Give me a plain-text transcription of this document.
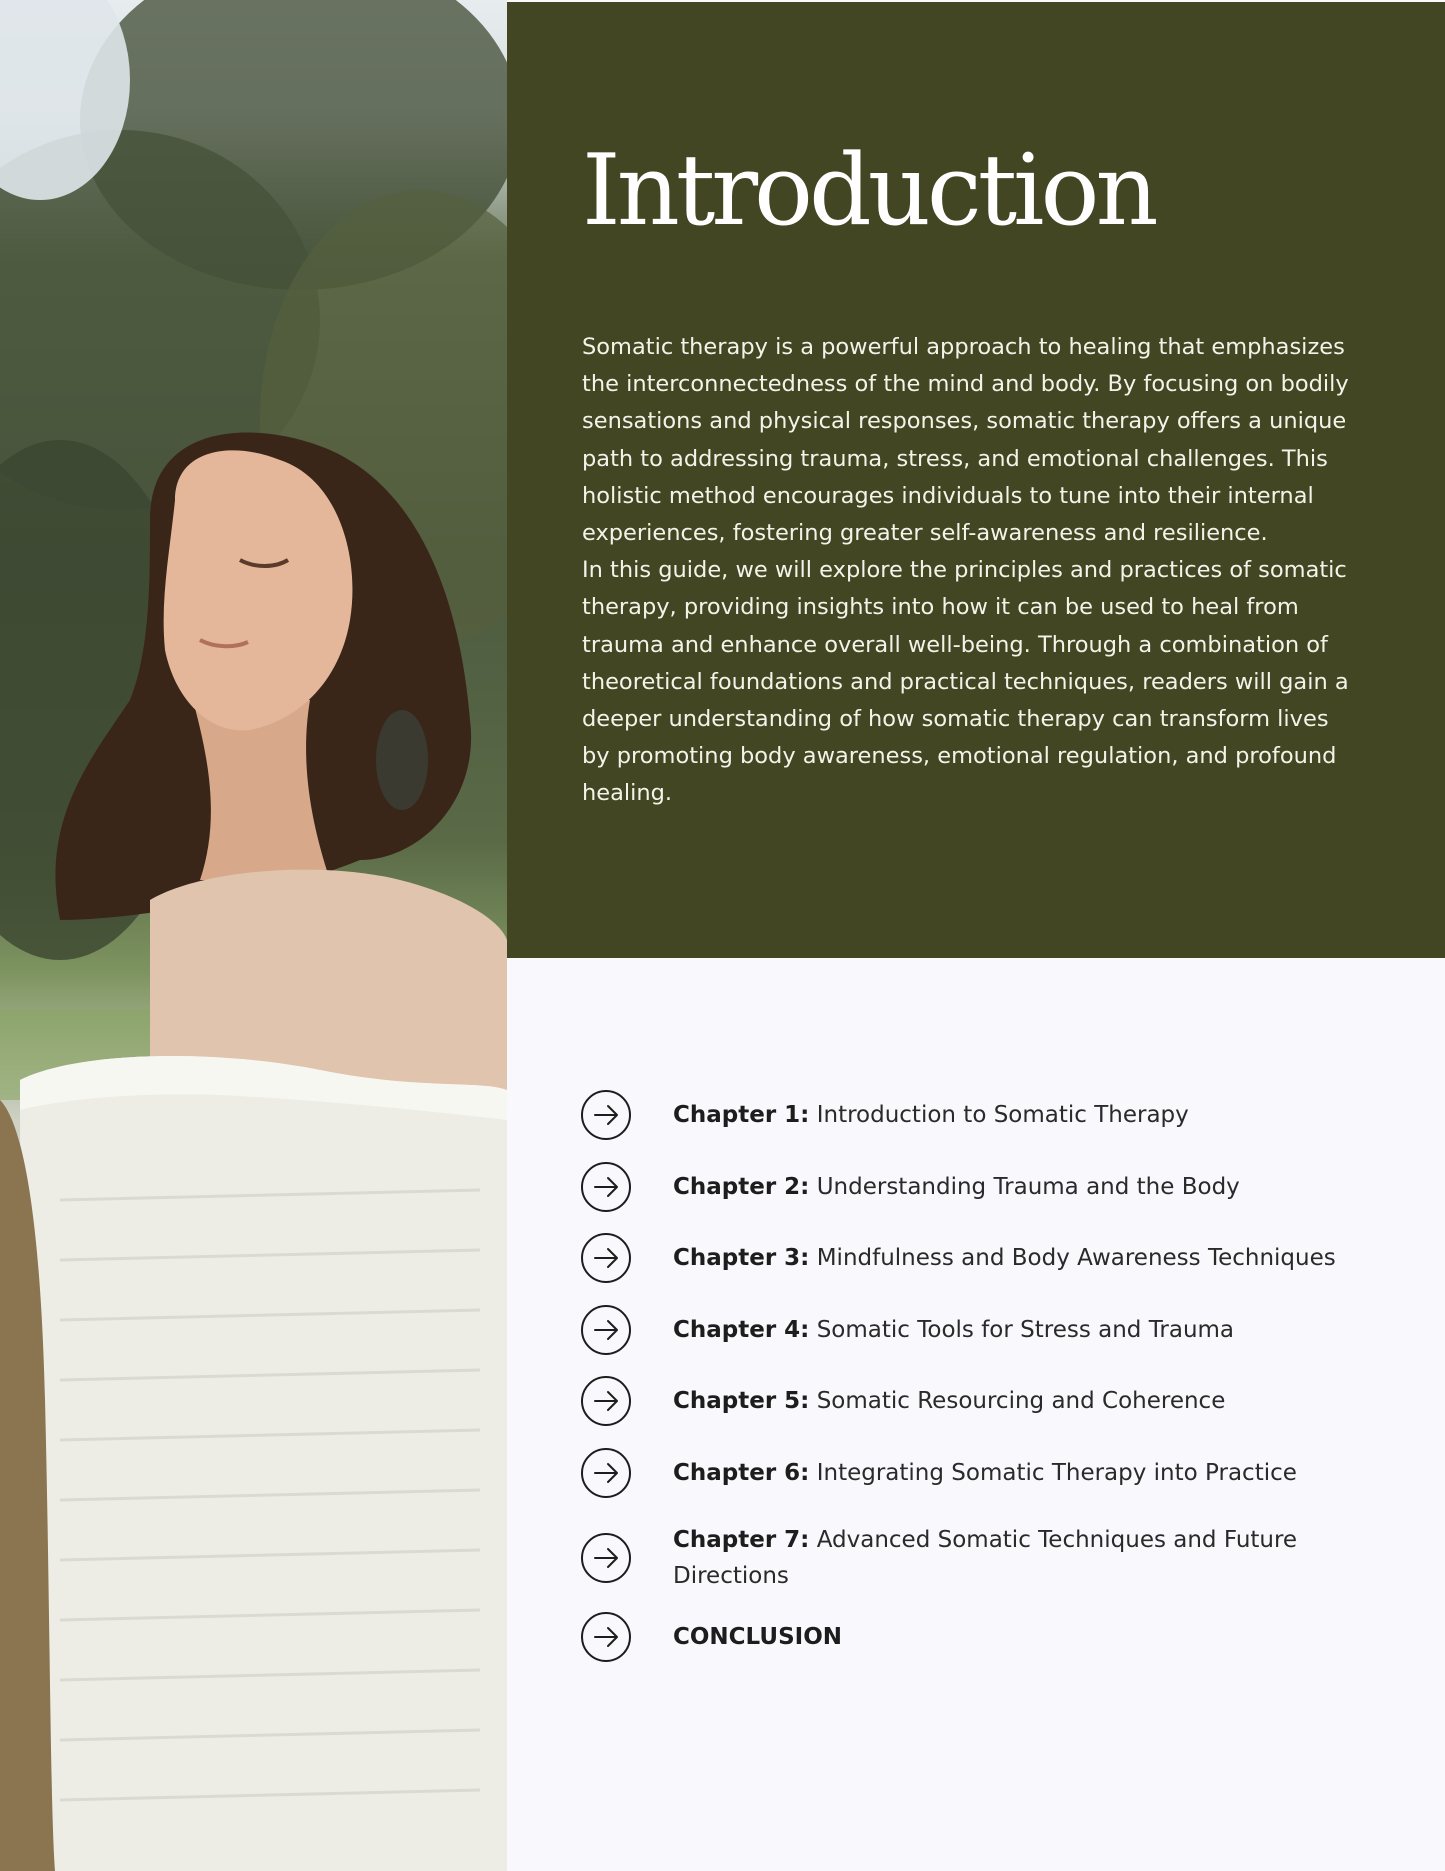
Introduction

Somatic therapy is a powerful approach to healing that emphasizes the interconnectedness of the mind and body. By focusing on bodily sensations and physical responses, somatic therapy offers a unique path to addressing trauma, stress, and emotional challenges. This holistic method encourages individuals to tune into their internal experiences, fostering greater self-awareness and resilience.

In this guide, we will explore the principles and practices of somatic therapy, providing insights into how it can be used to heal from trauma and enhance overall well-being. Through a combination of theoretical foundations and practical techniques, readers will gain a deeper understanding of how somatic therapy can transform lives by promoting body awareness, emotional regulation, and profound healing.

Chapter 1: Introduction to Somatic Therapy
Chapter 2: Understanding Trauma and the Body
Chapter 3: Mindfulness and Body Awareness Techniques
Chapter 4: Somatic Tools for Stress and Trauma
Chapter 5: Somatic Resourcing and Coherence
Chapter 6: Integrating Somatic Therapy into Practice
Chapter 7: Advanced Somatic Techniques and Future Directions
CONCLUSION
